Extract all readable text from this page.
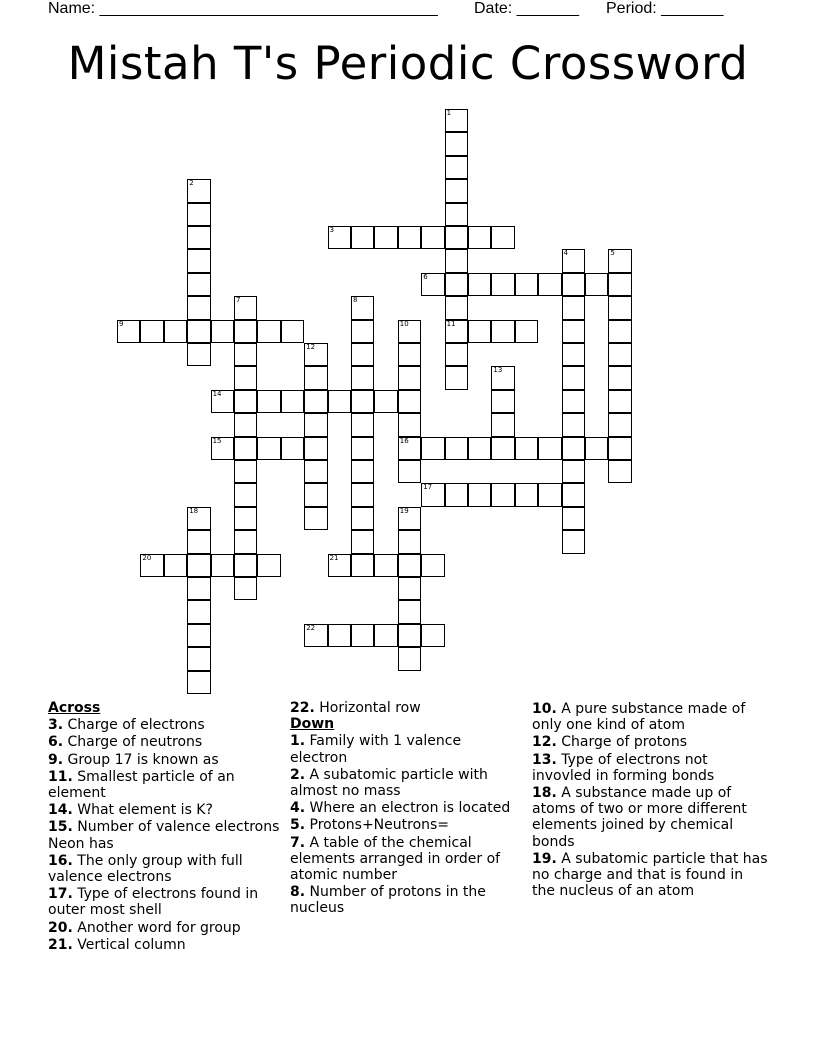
Name: ______________________________________ Date: _______ Period: _______
Mistah T's Periodic Crossword
1
11
2
3
4	5
6
7	8
9	10
16
12
13
14
15
17
18	19
20	21
22
Across
3. Charge of electrons
6. Charge of neutrons
9. Group 17 is known as
11. Smallest particle of an element
14. What element is K?
15. Number of valence electrons Neon has
16. The only group with full valence electrons
17. Type of electrons found in outer most shell
20. Another word for group
21. Vertical column
22. Horizontal row
Down
1. Family with 1 valence electron
2. A subatomic particle with almost no mass
4. Where an electron is located
5. Protons+Neutrons=
7. A table of the chemical elements arranged in order of atomic number
8. Number of protons in the nucleus
10. A pure substance made of only one kind of atom
12. Charge of protons
13. Type of electrons not invovled in forming bonds
18. A substance made up of atoms of two or more different elements joined by chemical bonds
19. A subatomic particle that has no charge and that is found in the nucleus of an atom
